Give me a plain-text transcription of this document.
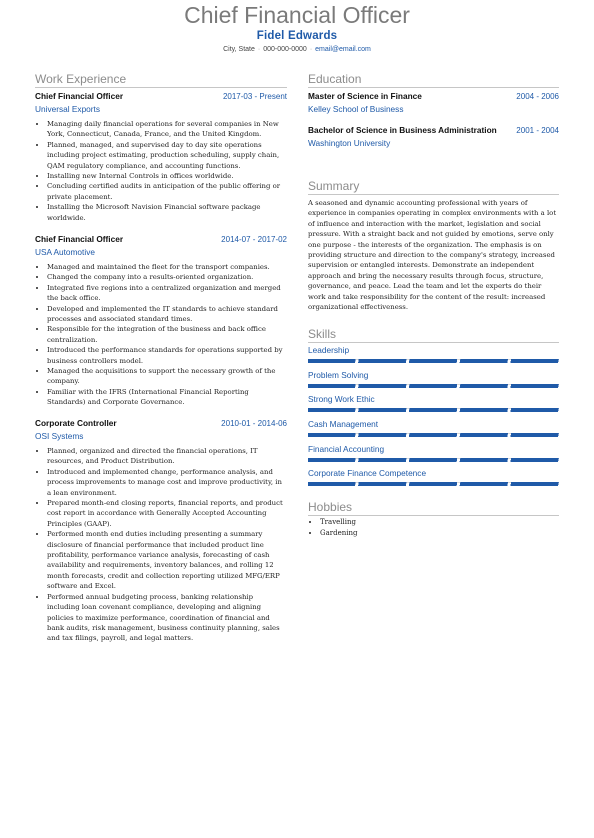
Chief Financial Officer
Fidel Edwards
City, State · 000-000-0000 · email@email.com
Work Experience
Chief Financial Officer	2017-03 - Present
Universal Exports
• Managing daily financial operations for several companies in New York, Connecticut, Canada, France, and the United Kingdom.
• Planned, managed, and supervised day to day site operations including project estimating, production scheduling, supply chain, QAM regulatory compliance, and accounting functions.
• Installing new Internal Controls in offices worldwide.
• Concluding certified audits in anticipation of the public offering or private placement.
• Installing the Microsoft Navision Financial software package worldwide.
Chief Financial Officer	2014-07 - 2017-02
USA Automotive
• Managed and maintained the fleet for the transport companies.
• Changed the company into a results-oriented organization.
• Integrated five regions into a centralized organization and merged the back office.
• Developed and implemented the IT standards to achieve standard processes and associated standard times.
• Responsible for the integration of the business and back office centralization.
• Introduced the performance standards for operations supported by business controllers model.
• Managed the acquisitions to support the necessary growth of the company.
• Familiar with the IFRS (International Financial Reporting Standards) and Corporate Governance.
Corporate Controller	2010-01 - 2014-06
OSI Systems
• Planned, organized and directed the financial operations, IT resources, and Product Distribution.
• Introduced and implemented change, performance analysis, and process improvements to manage cost and improve productivity, in a lean environment.
• Prepared month-end closing reports, financial reports, and product cost report in accordance with Generally Accepted Accounting Principles (GAAP).
• Performed month end duties including presenting a summary disclosure of financial performance that included product line profitability, performance variance analysis, forecasting of cash availability and requirements, inventory balances, and rolling 12 month forecasts, credit and collection reporting utilized MFG/ERP software and Excel.
• Performed annual budgeting process, banking relationship including loan covenant compliance, developing and aligning policies to maximize performance, coordination of financial and bank audits, risk management, business continuity planning, sales and tax filings, payroll, and legal matters.
Education
Master of Science in Finance	2004 - 2006
Kelley School of Business
Bachelor of Science in Business Administration 2001 - 2004
Washington University
Summary

A seasoned and dynamic accounting professional with years of experience in companies operating in complex environments with a lot of influence and interaction with the market, legislation and social pressure. With a straight back and not guided by emotions, serve only one purpose - the interests of the organization. The emphasis is on providing structure and direction to the company's strategy, increased supervision or entangled interests. Demonstrate an independent approach and bring the necessary results through focus, structure, governance, and peace. Lead the team and let the experts do their work and take responsibility for the content of the result: increased organizational effectiveness.

Skills
Leadership
Problem Solving
Strong Work Ethic
Cash Management
Financial Accounting
Corporate Finance Competence
Hobbies
• Travelling
• Gardening
